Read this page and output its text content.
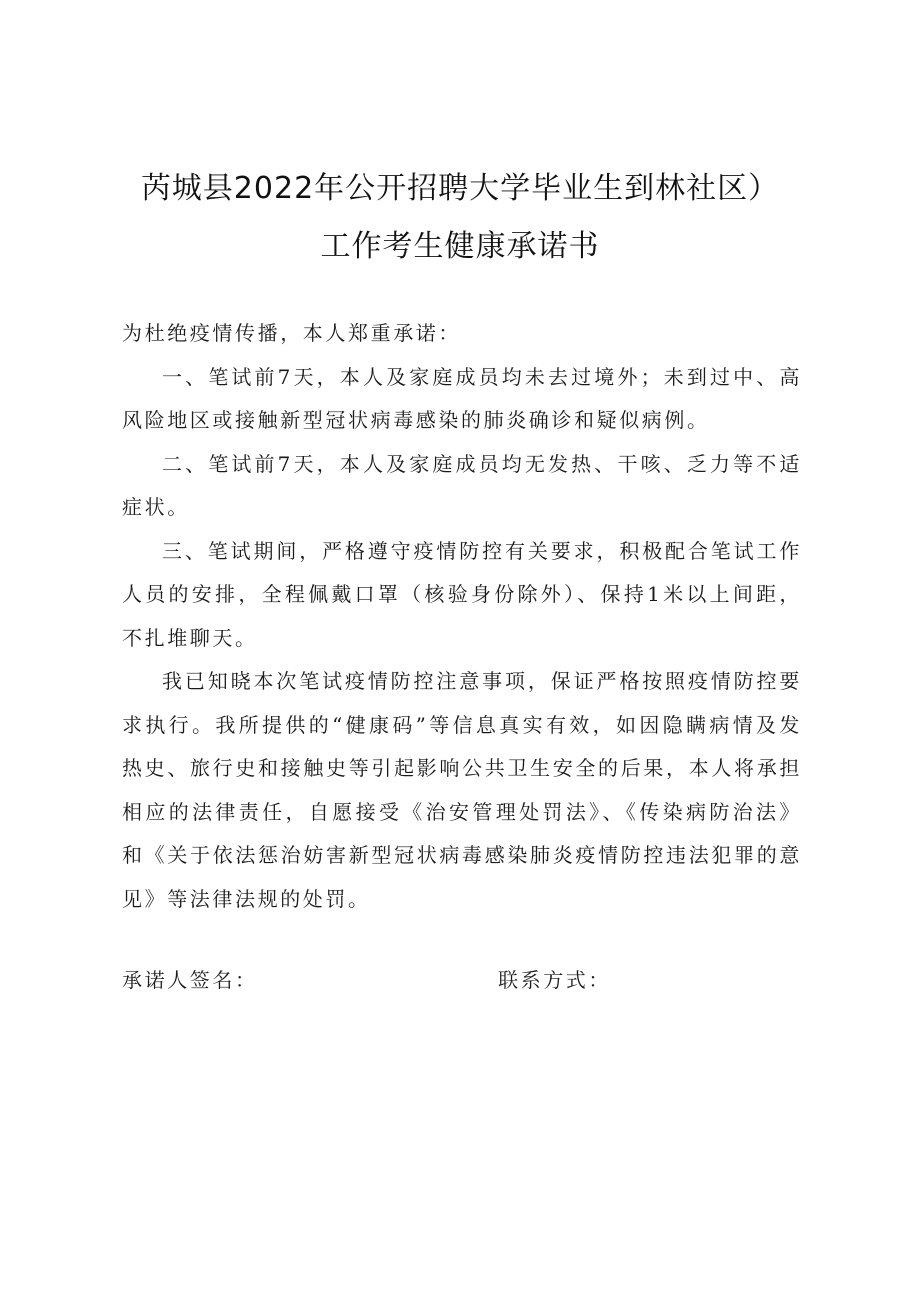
芮城县2022年公开招聘大学毕业生到林社区）
工作考生健康承诺书

为杜绝疫情传播，本人郑重承诺：

一、笔试前7天，本人及家庭成员均未去过境外；未到过中、高风险地区或接触新型冠状病毒感染的肺炎确诊和疑似病例。

二、笔试前7天，本人及家庭成员均无发热、干咳、乏力等不适症状。

三、笔试期间，严格遵守疫情防控有关要求，积极配合笔试工作人员的安排，全程佩戴口罩（核验身份除外）、保持1米以上间距，不扎堆聊天。

我已知晓本次笔试疫情防控注意事项，保证严格按照疫情防控要求执行。我所提供的“健康码”等信息真实有效，如因隐瞒病情及发热史、旅行史和接触史等引起影响公共卫生安全的后果，本人将承担相应的法律责任，自愿接受《治安管理处罚法》、《传染病防治法》和《关于依法惩治妨害新型冠状病毒感染肺炎疫情防控违法犯罪的意见》等法律法规的处罚。

承诺人签名：	联系方式：
